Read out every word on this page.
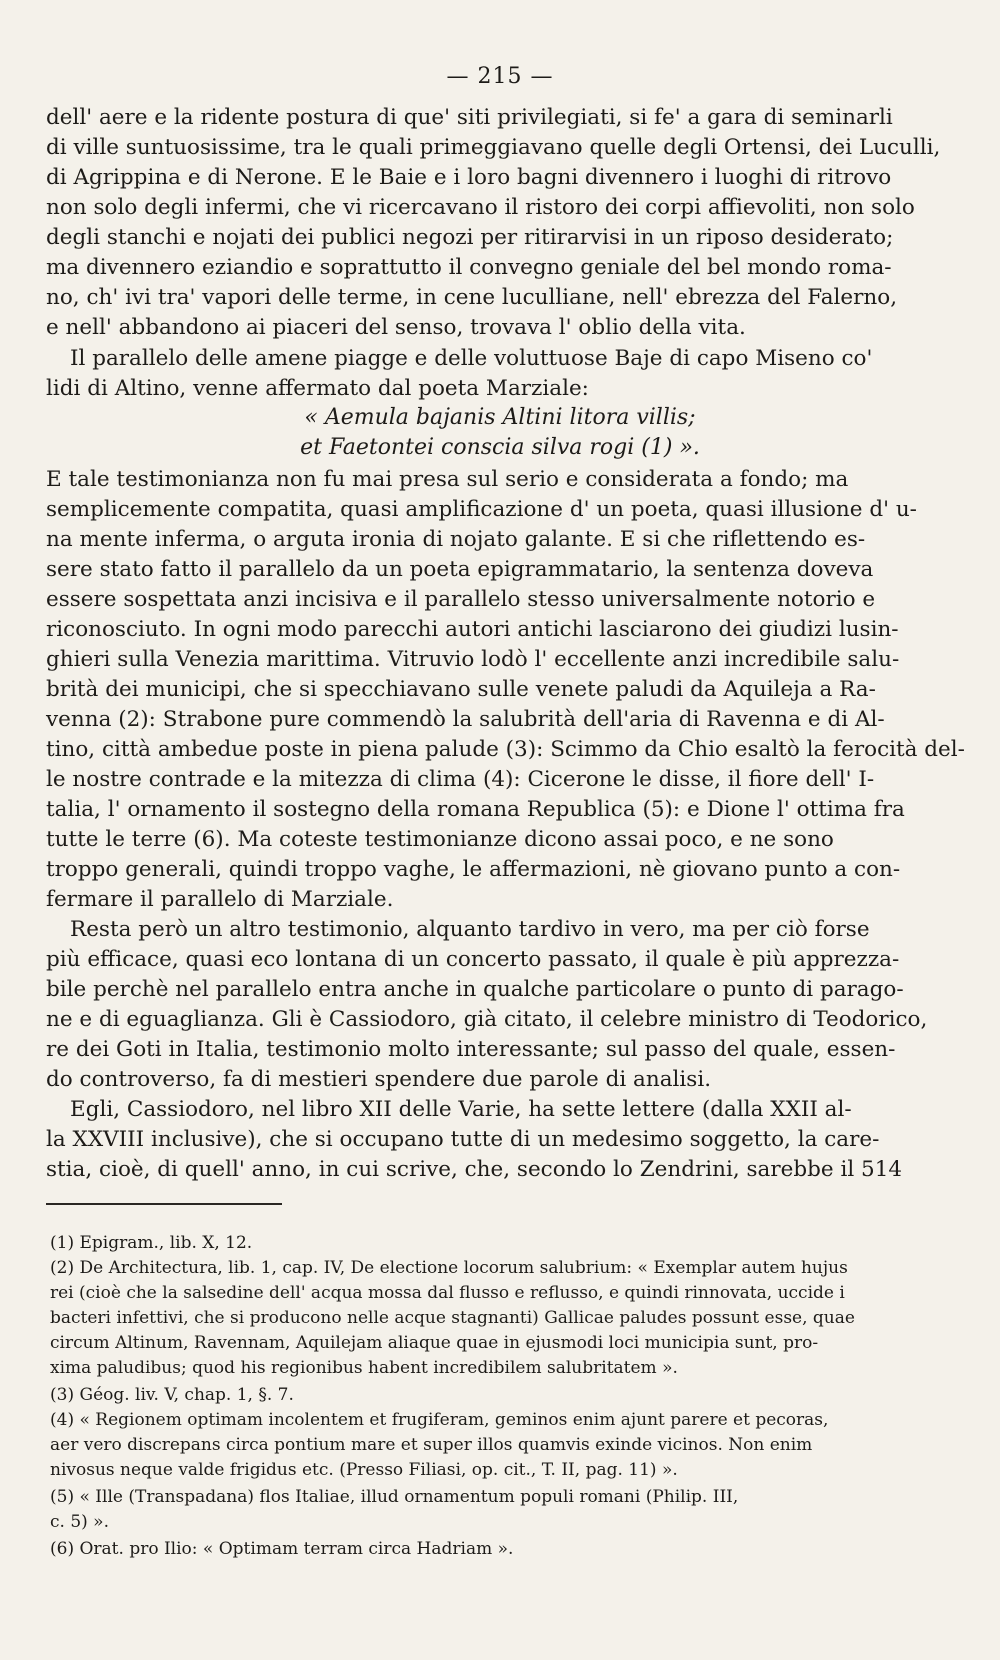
— 215 —
dell' aere e la ridente postura di que' siti privilegiati, si fe' a gara di seminarli
di ville suntuosissime, tra le quali primeggiavano quelle degli Ortensi, dei Luculli,
di Agrippina e di Nerone. E le Baie e i loro bagni divennero i luoghi di ritrovo
non solo degli infermi, che vi ricercavano il ristoro dei corpi affievoliti, non solo
degli stanchi e nojati dei publici negozi per ritirarvisi in un riposo desiderato;
ma divennero eziandio e soprattutto il convegno geniale del bel mondo roma-
no, ch' ivi tra' vapori delle terme, in cene luculliane, nell' ebrezza del Falerno,
e nell' abbandono ai piaceri del senso, trovava l' oblio della vita.
Il parallelo delle amene piagge e delle voluttuose Baje di capo Miseno co'
lidi di Altino, venne affermato dal poeta Marziale:
« Aemula bajanis Altini litora villis;
et Faetontei conscia silva rogi (1) ».
E tale testimonianza non fu mai presa sul serio e considerata a fondo; ma
semplicemente compatita, quasi amplificazione d' un poeta, quasi illusione d' u-
na mente inferma, o arguta ironia di nojato galante. E si che riflettendo es-
sere stato fatto il parallelo da un poeta epigrammatario, la sentenza doveva
essere sospettata anzi incisiva e il parallelo stesso universalmente notorio e
riconosciuto. In ogni modo parecchi autori antichi lasciarono dei giudizi lusin-
ghieri sulla Venezia marittima. Vitruvio lodò l' eccellente anzi incredibile salu-
brità dei municipi, che si specchiavano sulle venete paludi da Aquileja a Ra-
venna (2): Strabone pure commendò la salubrità dell'aria di Ravenna e di Al-
tino, città ambedue poste in piena palude (3): Scimmo da Chio esaltò la ferocità del-
le nostre contrade e la mitezza di clima (4): Cicerone le disse, il fiore dell' I-
talia, l' ornamento il sostegno della romana Republica (5): e Dione l' ottima fra
tutte le terre (6). Ma coteste testimonianze dicono assai poco, e ne sono
troppo generali, quindi troppo vaghe, le affermazioni, nè giovano punto a con-
fermare il parallelo di Marziale.
Resta però un altro testimonio, alquanto tardivo in vero, ma per ciò forse
più efficace, quasi eco lontana di un concerto passato, il quale è più apprezza-
bile perchè nel parallelo entra anche in qualche particolare o punto di parago-
ne e di eguaglianza. Gli è Cassiodoro, già citato, il celebre ministro di Teodorico,
re dei Goti in Italia, testimonio molto interessante; sul passo del quale, essen-
do controverso, fa di mestieri spendere due parole di analisi.
Egli, Cassiodoro, nel libro XII delle Varie, ha sette lettere (dalla XXII al-
la XXVIII inclusive), che si occupano tutte di un medesimo soggetto, la care-
stia, cioè, di quell' anno, in cui scrive, che, secondo lo Zendrini, sarebbe il 514
(1) Epigram., lib. X, 12.
(2) De Architectura, lib. 1, cap. IV, De electione locorum salubrium: « Exemplar autem hujus
rei (cioè che la salsedine dell' acqua mossa dal flusso e reflusso, e quindi rinnovata, uccide i
bacteri infettivi, che si producono nelle acque stagnanti) Gallicae paludes possunt esse, quae
circum Altinum, Ravennam, Aquilejam aliaque quae in ejusmodi loci municipia sunt, pro-
xima paludibus; quod his regionibus habent incredibilem salubritatem ».
(3) Géog. liv. V, chap. 1, §. 7.
(4) « Regionem optimam incolentem et frugiferam, geminos enim ajunt parere et pecoras,
aer vero discrepans circa pontium mare et super illos quamvis exinde vicinos. Non enim
nivosus neque valde frigidus etc. (Presso Filiasi, op. cit., T. II, pag. 11) ».
(5) « Ille (Transpadana) flos Italiae, illud ornamentum populi romani (Philip. III,
c. 5) ».
(6) Orat. pro Ilio: « Optimam terram circa Hadriam ».
